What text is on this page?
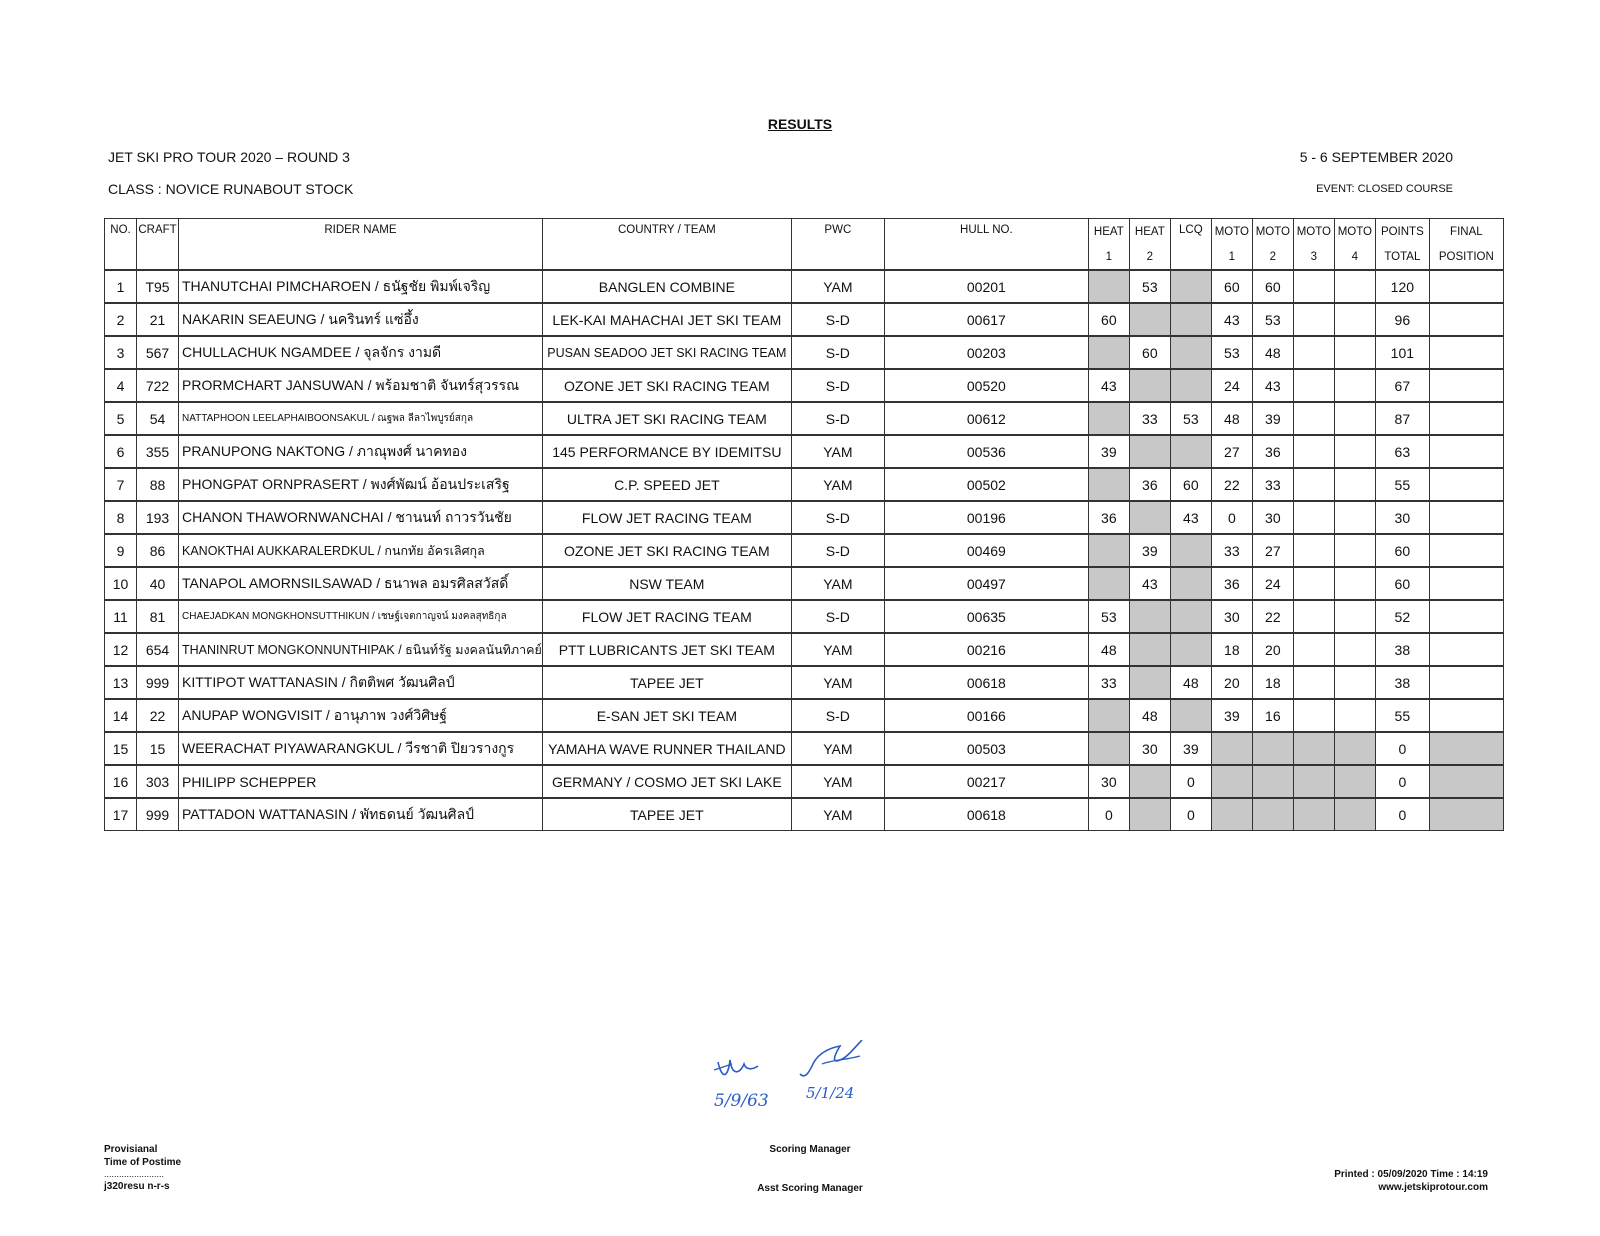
RESULTS
JET SKI PRO TOUR 2020 – ROUND 3	5 - 6 SEPTEMBER 2020
CLASS : NOVICE RUNABOUT STOCK	EVENT: CLOSED COURSE
NO.	CRAFT	RIDER NAME	COUNTRY / TEAM	PWC	HULL NO.	HEAT	HEAT	LCQ	MOTO	MOTO	MOTO	MOTO	POINTS	FINAL
						1	2		1	2	3	4	TOTAL	POSITION
1	T95	THANUTCHAI PIMCHAROEN / ธนัฐชัย พิมพ์เจริญ	BANGLEN COMBINE	YAM	00201		53		60	60			120	
2	21	NAKARIN SEAEUNG / นครินทร์ แซ่อึ้ง	LEK-KAI MAHACHAI JET SKI TEAM	S-D	00617	60			43	53			96	
3	567	CHULLACHUK NGAMDEE / จุลจักร งามดี	PUSAN SEADOO JET SKI RACING TEAM	S-D	00203		60		53	48			101	
4	722	PRORMCHART JANSUWAN / พร้อมชาติ จันทร์สุวรรณ	OZONE JET SKI RACING TEAM	S-D	00520	43			24	43			67	
5	54	NATTAPHOON LEELAPHAIBOONSAKUL / ณฐพล ลีลาไพบูรย์สกุล	ULTRA JET SKI RACING TEAM	S-D	00612		33	53	48	39			87	
6	355	PRANUPONG NAKTONG / ภาณุพงศ์ นาคทอง	145 PERFORMANCE BY IDEMITSU	YAM	00536	39			27	36			63	
7	88	PHONGPAT ORNPRASERT / พงศ์พัฒน์ อ้อนประเสริฐ	C.P. SPEED JET	YAM	00502		36	60	22	33			55	
8	193	CHANON THAWORNWANCHAI / ชานนท์ ถาวรวันชัย	FLOW JET RACING TEAM	S-D	00196	36		43	0	30			30	
9	86	KANOKTHAI AUKKARALERDKUL / กนกทัย อัครเลิศกุล	OZONE JET SKI RACING TEAM	S-D	00469		39		33	27			60	
10	40	TANAPOL AMORNSILSAWAD / ธนาพล อมรศิลสวัสดิ์	NSW TEAM	YAM	00497		43		36	24			60	
11	81	CHAEJADKAN MONGKHONSUTTHIKUN / เชษฐ์เจตกาญจน์ มงคลสุทธิกุล	FLOW JET RACING TEAM	S-D	00635	53			30	22			52	
12	654	THANINRUT MONGKONNUNTHIPAK / ธนินท์รัฐ มงคลนันทิภาคย์	PTT LUBRICANTS JET SKI TEAM	YAM	00216	48			18	20			38	
13	999	KITTIPOT WATTANASIN / กิตติพศ วัฒนศิลป์	TAPEE JET	YAM	00618	33		48	20	18			38	
14	22	ANUPAP WONGVISIT / อานุภาพ วงศ์วิศิษฐ์	E-SAN JET SKI TEAM	S-D	00166		48		39	16			55	
15	15	WEERACHAT PIYAWARANGKUL / วีรชาติ ปิยวรางกูร	YAMAHA WAVE RUNNER THAILAND	YAM	00503		30	39					0	
16	303	PHILIPP SCHEPPER	GERMANY / COSMO JET SKI LAKE	YAM	00217	30		0					0	
17	999	PATTADON WATTANASIN / พัทธดนย์ วัฒนศิลป์	TAPEE JET	YAM	00618	0		0					0	
5/9/63 5/1/24
Provisianal
Time of Postime
........................
j320resu n-r-s
Scoring Manager
Asst Scoring Manager
Printed : 05/09/2020 Time : 14:19
www.jetskiprotour.com
